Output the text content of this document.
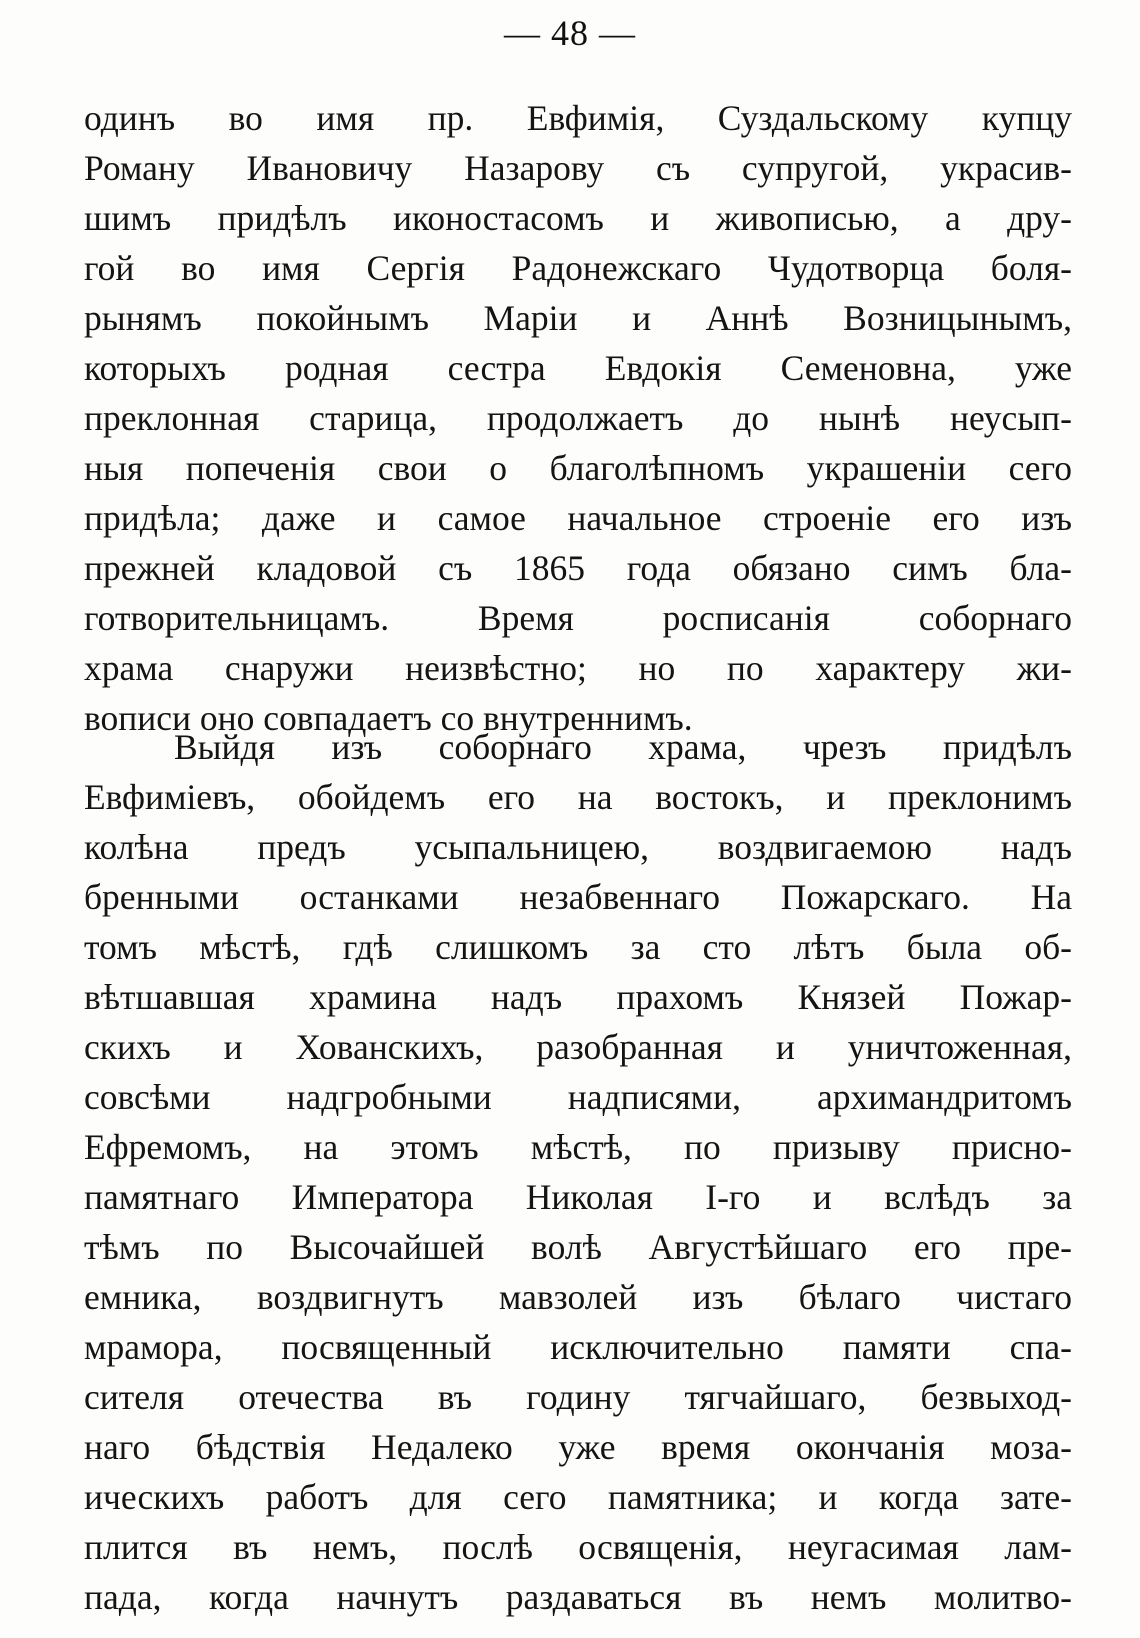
— 48 —
одинъ во имя пр. Евфимія, Суздальскому купцу
Роману Ивановичу Назарову съ супругой, украсив-
шимъ придѣлъ иконостасомъ и живописью, а дру-
гой во имя Сергія Радонежскаго Чудотворца боля-
рынямъ покойнымъ Маріи и Аннѣ Возницынымъ,
которыхъ родная сестра Евдокія Семеновна, уже
преклонная старица, продолжаетъ до нынѣ неусып-
ныя попеченія свои о благолѣпномъ украшеніи сего
придѣла; даже и самое начальное строеніе его изъ
прежней кладовой съ 1865 года обязано симъ бла-
готворительницамъ. Время росписанія соборнаго
храма снаружи неизвѣстно; но по характеру жи-
вописи оно совпадаетъ со внутреннимъ.
Выйдя изъ соборнаго храма, чрезъ придѣлъ
Евфиміевъ, обойдемъ его на востокъ, и преклонимъ
колѣна предъ усыпальницею, воздвигаемою надъ
бренными останками незабвеннаго Пожарскаго. На
томъ мѣстѣ, гдѣ слишкомъ за сто лѣтъ была об-
вѣтшавшая храмина надъ прахомъ Князей Пожар-
скихъ и Хованскихъ, разобранная и уничтоженная,
совсѣми надгробными надписями, архимандритомъ
Ефремомъ, на этомъ мѣстѣ, по призыву присно-
памятнаго Императора Николая I-го и вслѣдъ за
тѣмъ по Высочайшей волѣ Августѣйшаго его пре-
емника, воздвигнутъ мавзолей изъ бѣлаго чистаго
мрамора, посвященный исключительно памяти спа-
сителя отечества въ годину тягчайшаго, безвыход-
наго бѣдствія Недалеко уже время окончанія моза-
ическихъ работъ для сего памятника; и когда зате-
плится въ немъ, послѣ освященія, неугасимая лам-
пада, когда начнутъ раздаваться въ немъ молитво-
